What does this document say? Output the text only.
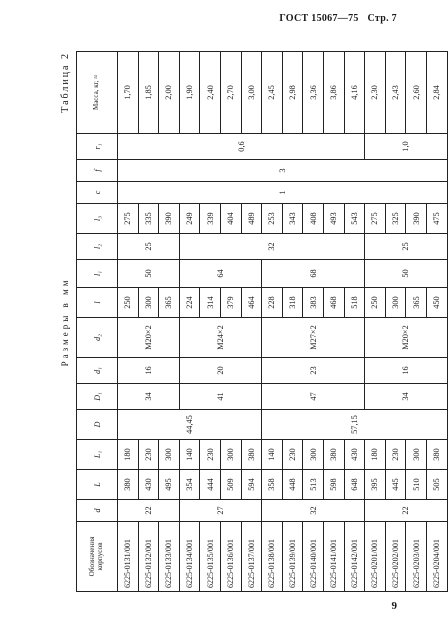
ГОСТ 15067—75 Стр. 7
Размеры в мм
Таблица 2
Обозначения корпусов	d	L	L₁	D	D₁	d₁	d₂	l	l₁	l₂	l₃	c	f	r₁	Масса, кг, ≈
6225-0131/001	22	380	180	44,45	34	16	М20×2	250	50	25	275	1	3	0,6	1,70
6225-0132/001		430	230					300			335				1,85
6225-0133/001		495	300					365			390				2,00
6225-0134/001	27	354	140		41	20	М24×2	224	64	32	249				1,90
6225-0135/001		444	230					314			339				2,40
6225-0136/001		509	300					379			404				2,70
6225-0137/001		594	380					464			489				3,00
6225-0138/001	32	358	140	57,15	47	23	М27×2	228	68		253				2,45
6225-0139/001		448	230					318			343				2,98
6225-0140/001		513	300					383			408				3,36
6225-0141/001		598	380					468			493				3,86
6225-0142/001		648	430					518			543				4,16
6225-0201/001	22	395	180		34	16	М20×2	250	50	25	275			1,0	2,30
6225-0202/001		445	230					300			325				2,43
6225-0203/001		510	300					365			390				2,60
6225-0204/001		505	380					450			475				2,84
9
